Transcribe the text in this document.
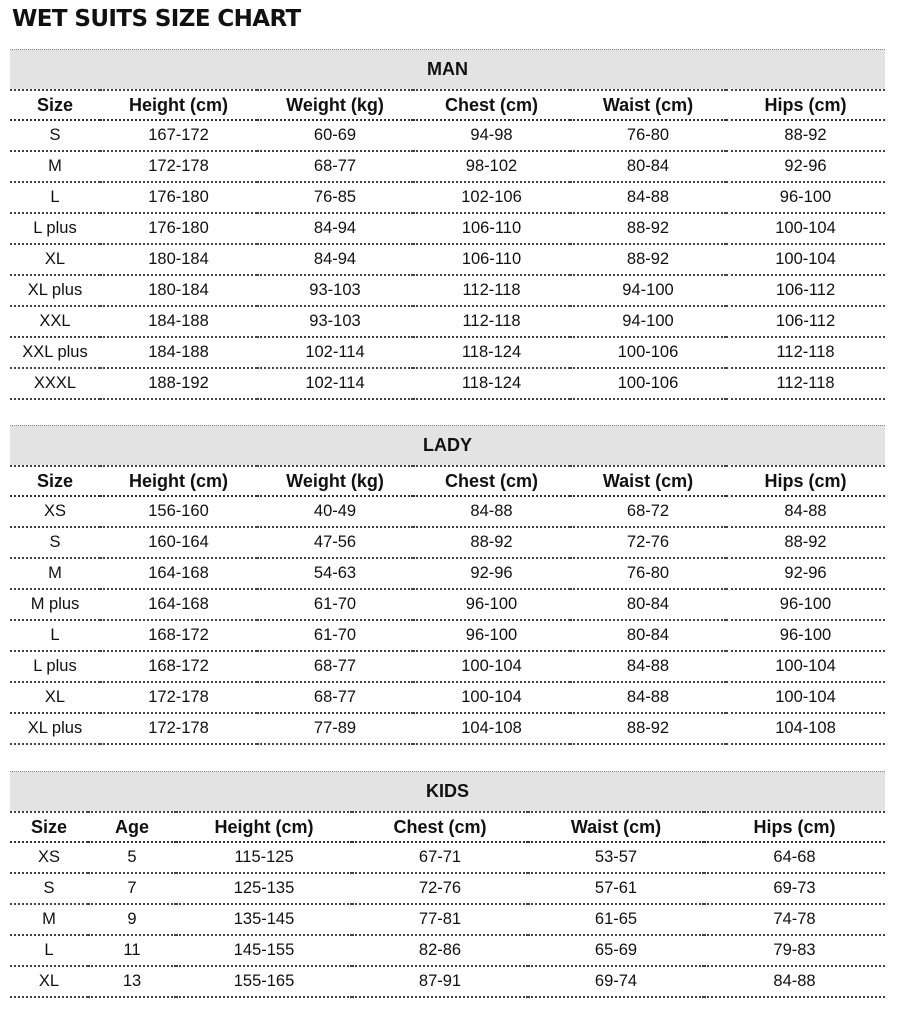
WET SUITS SIZE CHART
MAN
Size	Height (cm)	Weight (kg)	Chest (cm)	Waist (cm)	Hips (cm)
S	167-172	60-69	94-98	76-80	88-92
M	172-178	68-77	98-102	80-84	92-96
L	176-180	76-85	102-106	84-88	96-100
L plus	176-180	84-94	106-110	88-92	100-104
XL	180-184	84-94	106-110	88-92	100-104
XL plus	180-184	93-103	112-118	94-100	106-112
XXL	184-188	93-103	112-118	94-100	106-112
XXL plus	184-188	102-114	118-124	100-106	112-118
XXXL	188-192	102-114	118-124	100-106	112-118
LADY
Size	Height (cm)	Weight (kg)	Chest (cm)	Waist (cm)	Hips (cm)
XS	156-160	40-49	84-88	68-72	84-88
S	160-164	47-56	88-92	72-76	88-92
M	164-168	54-63	92-96	76-80	92-96
M plus	164-168	61-70	96-100	80-84	96-100
L	168-172	61-70	96-100	80-84	96-100
L plus	168-172	68-77	100-104	84-88	100-104
XL	172-178	68-77	100-104	84-88	100-104
XL plus	172-178	77-89	104-108	88-92	104-108
KIDS
Size	Age	Height (cm)	Chest (cm)	Waist (cm)	Hips (cm)
XS	5	115-125	67-71	53-57	64-68
S	7	125-135	72-76	57-61	69-73
M	9	135-145	77-81	61-65	74-78
L	11	145-155	82-86	65-69	79-83
XL	13	155-165	87-91	69-74	84-88
